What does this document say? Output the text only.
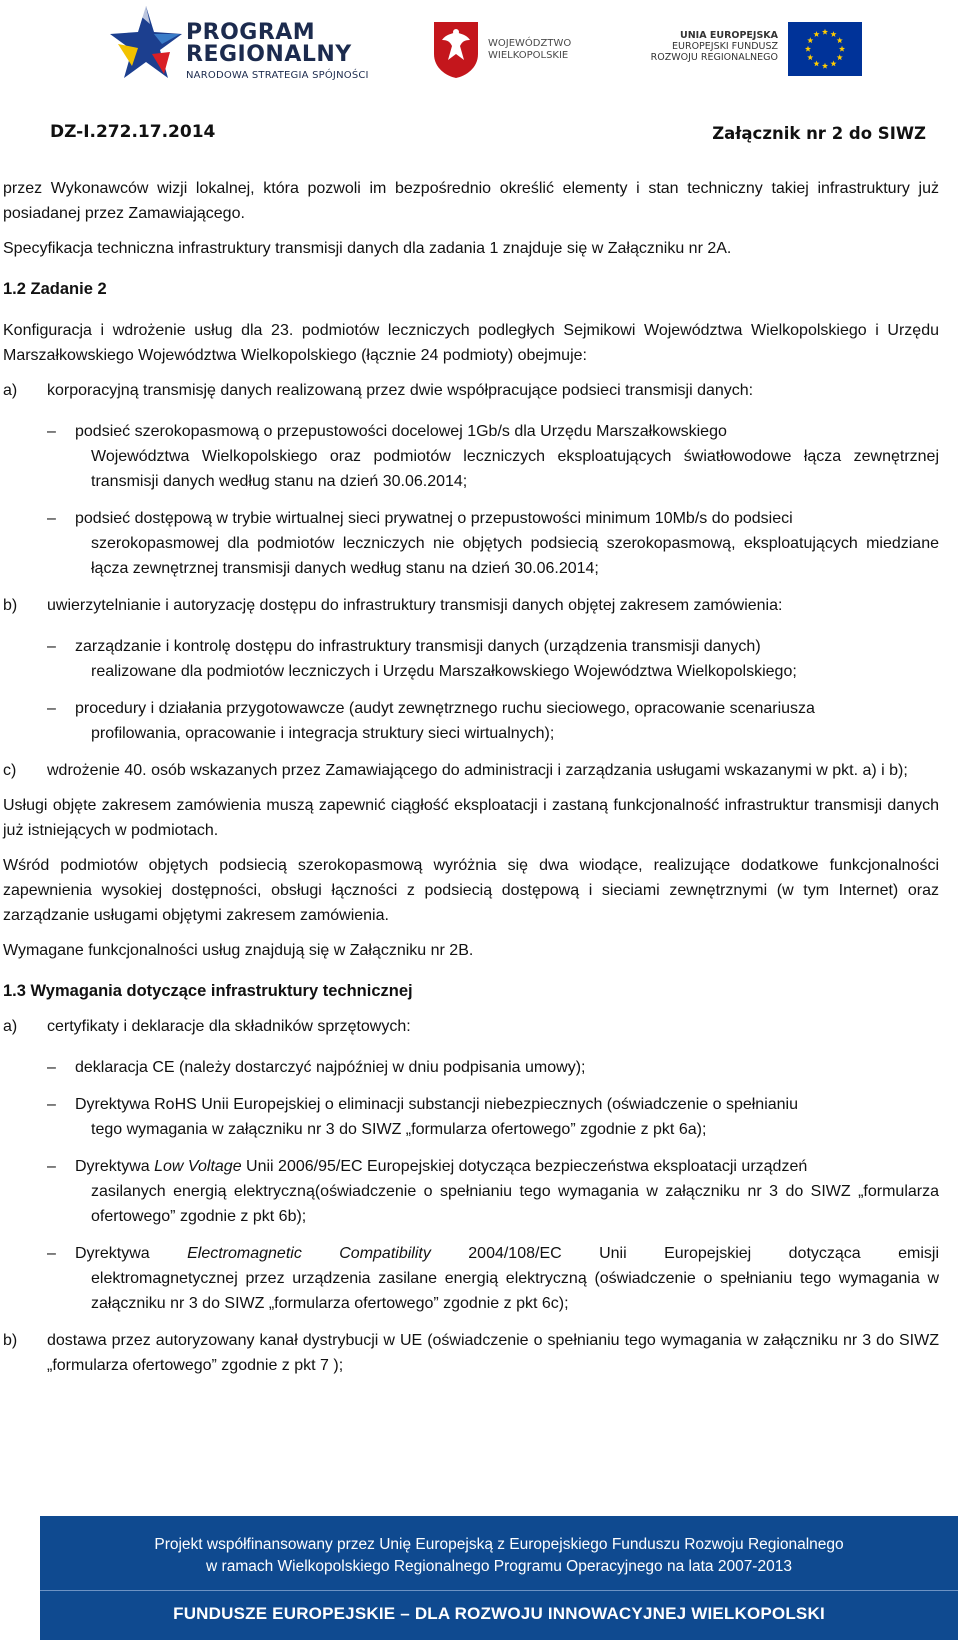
PROGRAM
REGIONALNY
NARODOWA STRATEGIA SPÓJNOŚCI
WOJEWÓDZTWO
WIELKOPOLSKIE
UNIA EUROPEJSKA
EUROPEJSKI FUNDUSZ
ROZWOJU REGIONALNEGO
DZ-I.272.17.2014	Załącznik nr 2 do SIWZ

przez Wykonawców wizji lokalnej, która pozwoli im bezpośrednio określić elementy i stan techniczny takiej infrastruktury już posiadanej przez Zamawiającego.

Specyfikacja techniczna infrastruktury transmisji danych dla zadania 1 znajduje się w Załączniku nr 2A.

1.2 Zadanie 2

Konfiguracja i wdrożenie usług dla 23. podmiotów leczniczych podległych Sejmikowi Województwa Wielkopolskiego i Urzędu Marszałkowskiego Województwa Wielkopolskiego (łącznie 24 podmioty) obejmuje:

a)	korporacyjną transmisję danych realizowaną przez dwie współpracujące podsieci transmisji danych:
–	podsieć szerokopasmową o przepustowości docelowej 1Gb/s dla Urzędu Marszałkowskiego
Województwa Wielkopolskiego oraz podmiotów leczniczych eksploatujących światłowodowe łącza zewnętrznej transmisji danych według stanu na dzień 30.06.2014;
–	podsieć dostępową w trybie wirtualnej sieci prywatnej o przepustowości minimum 10Mb/s do podsieci
szerokopasmowej dla podmiotów leczniczych nie objętych podsiecią szerokopasmową, eksploatujących miedziane łącza zewnętrznej transmisji danych według stanu na dzień 30.06.2014;
b)	uwierzytelnianie i autoryzację dostępu do infrastruktury transmisji danych objętej zakresem zamówienia:
–	zarządzanie i kontrolę dostępu do infrastruktury transmisji danych (urządzenia transmisji danych)
realizowane dla podmiotów leczniczych i Urzędu Marszałkowskiego Województwa Wielkopolskiego;
–	procedury i działania przygotowawcze (audyt zewnętrznego ruchu sieciowego, opracowanie scenariusza
profilowania, opracowanie i integracja struktury sieci wirtualnych);
c)	wdrożenie 40. osób wskazanych przez Zamawiającego do administracji i zarządzania usługami wskazanymi w pkt. a) i b);

Usługi objęte zakresem zamówienia muszą zapewnić ciągłość eksploatacji i zastaną funkcjonalność infrastruktur transmisji danych już istniejących w podmiotach.

Wśród podmiotów objętych podsiecią szerokopasmową wyróżnia się dwa wiodące, realizujące dodatkowe funkcjonalności zapewnienia wysokiej dostępności, obsługi łączności z podsiecią dostępową i sieciami zewnętrznymi (w tym Internet) oraz zarządzanie usługami objętymi zakresem zamówienia.

Wymagane funkcjonalności usług znajdują się w Załączniku nr 2B.

1.3 Wymagania dotyczące infrastruktury technicznej

a)	certyfikaty i deklaracje dla składników sprzętowych:
–	deklaracja CE (należy dostarczyć najpóźniej w dniu podpisania umowy);
–	Dyrektywa RoHS Unii Europejskiej o eliminacji substancji niebezpiecznych (oświadczenie o spełnianiu
tego wymagania w załączniku nr 3 do SIWZ „formularza ofertowego” zgodnie z pkt 6a);
–	Dyrektywa Low Voltage Unii 2006/95/EC Europejskiej dotycząca bezpieczeństwa eksploatacji urządzeń
zasilanych energią elektryczną(oświadczenie o spełnianiu tego wymagania w załączniku nr 3 do SIWZ „formularza ofertowego” zgodnie z pkt 6b);
–	Dyrektywa Electromagnetic Compatibility 2004/108/EC Unii Europejskiej dotycząca emisji
elektromagnetycznej przez urządzenia zasilane energią elektryczną (oświadczenie o spełnianiu tego wymagania w załączniku nr 3 do SIWZ „formularza ofertowego” zgodnie z pkt 6c);
b)	dostawa przez autoryzowany kanał dystrybucji w UE (oświadczenie o spełnianiu tego wymagania w załączniku nr 3 do SIWZ „formularza ofertowego” zgodnie z pkt 7 );
Projekt współfinansowany przez Unię Europejską z Europejskiego Funduszu Rozwoju Regionalnego
w ramach Wielkopolskiego Regionalnego Programu Operacyjnego na lata 2007-2013
FUNDUSZE EUROPEJSKIE – DLA ROZWOJU INNOWACYJNEJ WIELKOPOLSKI
